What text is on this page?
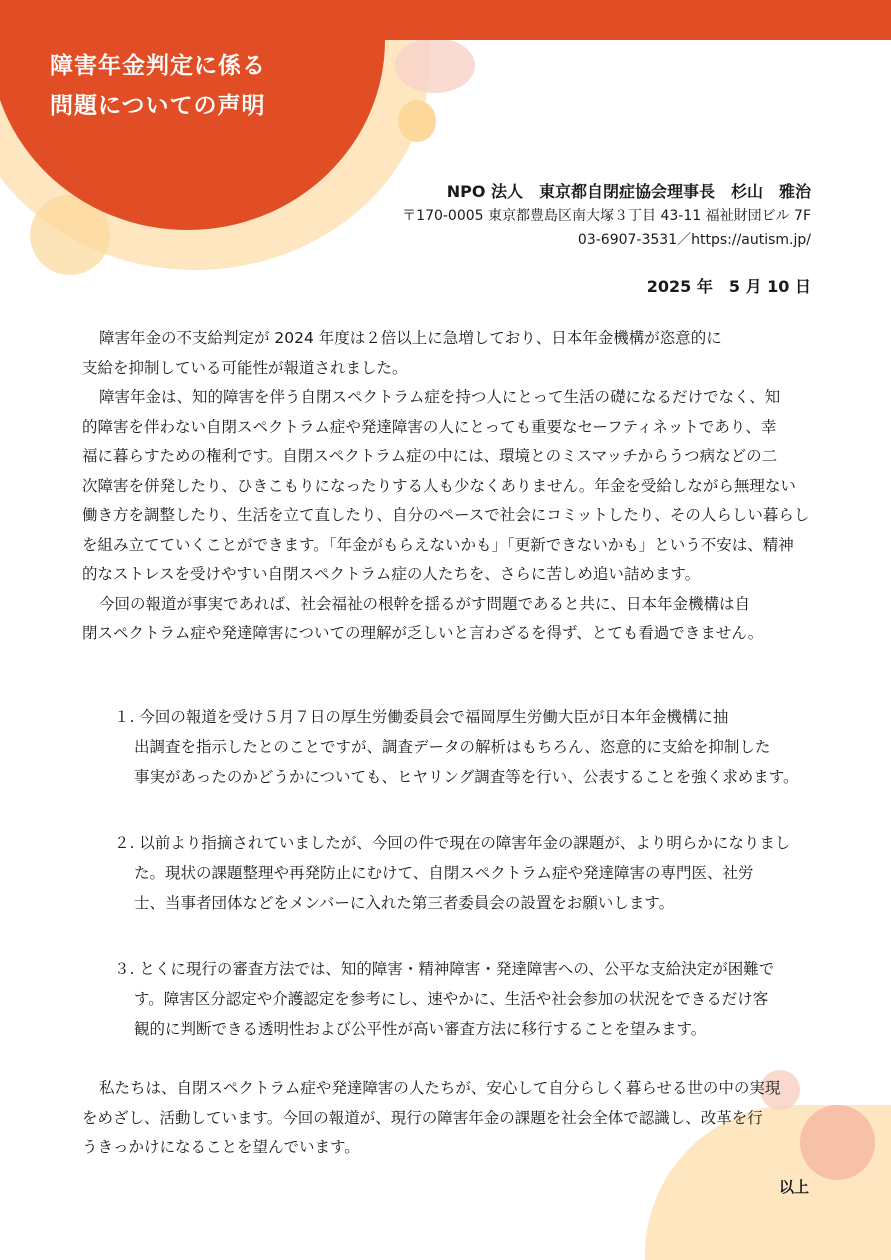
障害年金判定に係る
問題についての声明
NPO 法人　東京都自閉症協会理事長　杉山　雅治
〒170-0005 東京都豊島区南大塚３丁目 43-11 福祉財団ビル 7F
03-6907-3531／https://autism.jp/
2025 年　5 月 10 日
障害年金の不支給判定が 2024 年度は２倍以上に急増しており、日本年金機構が恣意的に
支給を抑制している可能性が報道されました。
障害年金は、知的障害を伴う自閉スペクトラム症を持つ人にとって生活の礎になるだけでなく、知
的障害を伴わない自閉スペクトラム症や発達障害の人にとっても重要なセーフティネットであり、幸
福に暮らすための権利です。自閉スペクトラム症の中には、環境とのミスマッチからうつ病などの二
次障害を併発したり、ひきこもりになったりする人も少なくありません。年金を受給しながら無理ない
働き方を調整したり、生活を立て直したり、自分のペースで社会にコミットしたり、その人らしい暮らし
を組み立てていくことができます。「年金がもらえないかも」「更新できないかも」という不安は、精神
的なストレスを受けやすい自閉スペクトラム症の人たちを、さらに苦しめ追い詰めます。
今回の報道が事実であれば、社会福祉の根幹を揺るがす問題であると共に、日本年金機構は自
閉スペクトラム症や発達障害についての理解が乏しいと言わざるを得ず、とても看過できません。
１. 今回の報道を受け５月７日の厚生労働委員会で福岡厚生労働大臣が日本年金機構に抽
出調査を指示したとのことですが、調査データの解析はもちろん、恣意的に支給を抑制した
事実があったのかどうかについても、ヒヤリング調査等を行い、公表することを強く求めます。
２. 以前より指摘されていましたが、今回の件で現在の障害年金の課題が、より明らかになりまし
た。現状の課題整理や再発防止にむけて、自閉スペクトラム症や発達障害の専門医、社労
士、当事者団体などをメンバーに入れた第三者委員会の設置をお願いします。
３. とくに現行の審査方法では、知的障害・精神障害・発達障害への、公平な支給決定が困難で
す。障害区分認定や介護認定を参考にし、速やかに、生活や社会参加の状況をできるだけ客
観的に判断できる透明性および公平性が高い審査方法に移行することを望みます。
私たちは、自閉スペクトラム症や発達障害の人たちが、安心して自分らしく暮らせる世の中の実現
をめざし、活動しています。今回の報道が、現行の障害年金の課題を社会全体で認識し、改革を行
うきっかけになることを望んでいます。
以上
